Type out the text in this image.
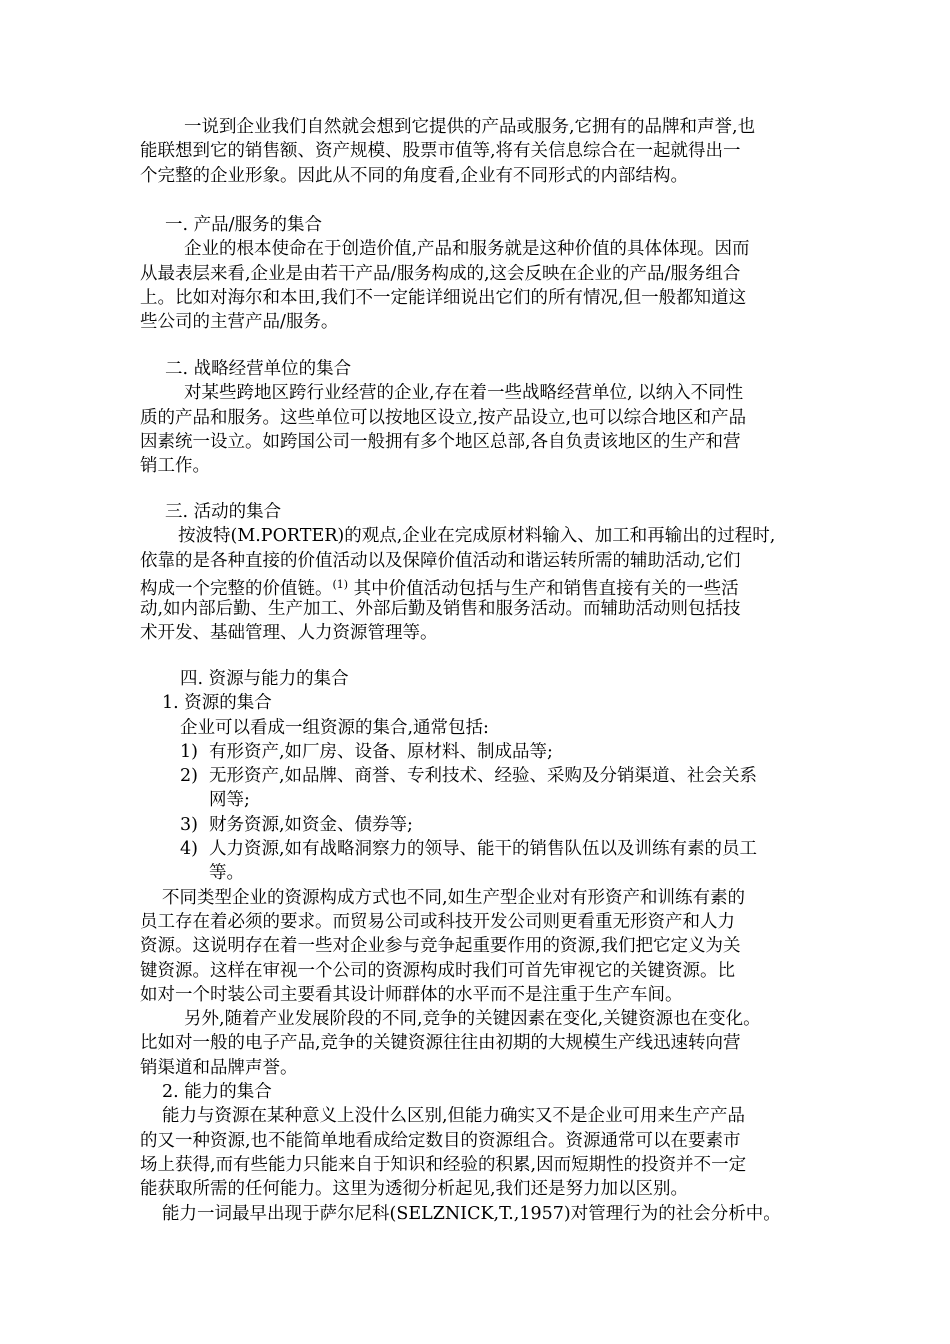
一说到企业我们自然就会想到它提供的产品或服务,它拥有的品牌和声誉,也
能联想到它的销售额、资产规模、股票市值等,将有关信息综合在一起就得出一
个完整的企业形象。因此从不同的角度看,企业有不同形式的内部结构。
一. 产品/服务的集合
企业的根本使命在于创造价值,产品和服务就是这种价值的具体体现。因而
从最表层来看,企业是由若干产品/服务构成的,这会反映在企业的产品/服务组合
上。比如对海尔和本田,我们不一定能详细说出它们的所有情况,但一般都知道这
些公司的主营产品/服务。
二. 战略经营单位的集合
对某些跨地区跨行业经营的企业,存在着一些战略经营单位, 以纳入不同性
质的产品和服务。这些单位可以按地区设立,按产品设立,也可以综合地区和产品
因素统一设立。如跨国公司一般拥有多个地区总部,各自负责该地区的生产和营
销工作。
三. 活动的集合
按波特(M.PORTER)的观点,企业在完成原材料输入、加工和再输出的过程时,
依靠的是各种直接的价值活动以及保障价值活动和谐运转所需的辅助活动,它们
构成一个完整的价值链。$^{(1)}$ 其中价值活动包括与生产和销售直接有关的一些活
动,如内部后勤、生产加工、外部后勤及销售和服务活动。而辅助活动则包括技
术开发、基础管理、人力资源管理等。
四. 资源与能力的集合
1. 资源的集合
企业可以看成一组资源的集合,通常包括:
1) 有形资产,如厂房、设备、原材料、制成品等;
2) 无形资产,如品牌、商誉、专利技术、经验、采购及分销渠道、社会关系
网等;
3) 财务资源,如资金、债券等;
4) 人力资源,如有战略洞察力的领导、能干的销售队伍以及训练有素的员工
等。
不同类型企业的资源构成方式也不同,如生产型企业对有形资产和训练有素的
员工存在着必须的要求。而贸易公司或科技开发公司则更看重无形资产和人力
资源。这说明存在着一些对企业参与竞争起重要作用的资源,我们把它定义为关
键资源。这样在审视一个公司的资源构成时我们可首先审视它的关键资源。比
如对一个时装公司主要看其设计师群体的水平而不是注重于生产车间。
另外,随着产业发展阶段的不同,竞争的关键因素在变化,关键资源也在变化。
比如对一般的电子产品,竞争的关键资源往往由初期的大规模生产线迅速转向营
销渠道和品牌声誉。
2. 能力的集合
能力与资源在某种意义上没什么区别,但能力确实又不是企业可用来生产产品
的又一种资源,也不能简单地看成给定数目的资源组合。资源通常可以在要素市
场上获得,而有些能力只能来自于知识和经验的积累,因而短期性的投资并不一定
能获取所需的任何能力。这里为透彻分析起见,我们还是努力加以区别。
能力一词最早出现于萨尔尼科(SELZNICK,T.,1957)对管理行为的社会分析中。
